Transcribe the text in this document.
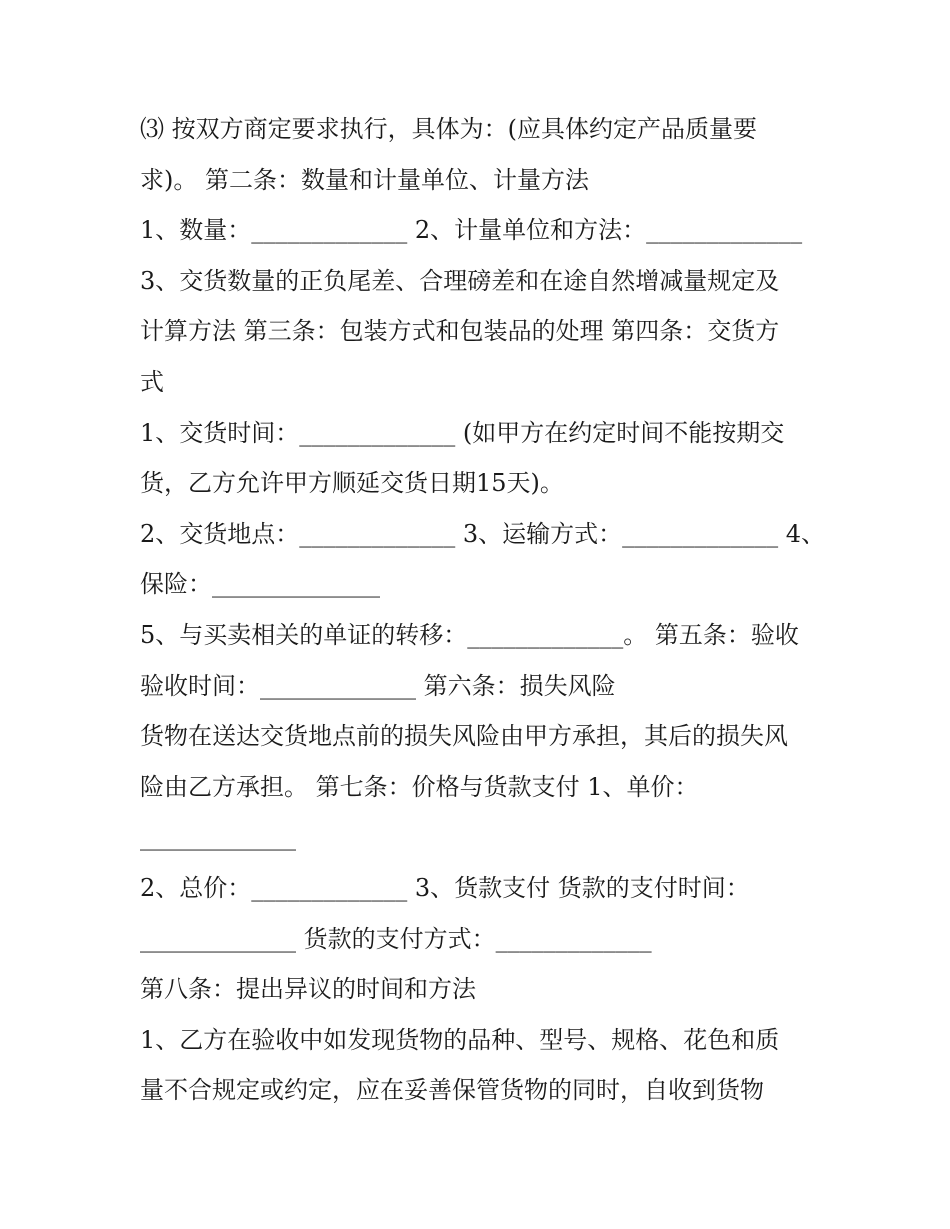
⑶ 按双方商定要求执行，具体为：(应具体约定产品质量要

求)。 第二条：数量和计量单位、计量方法

1、数量：_____________ 2、计量单位和方法：_____________

3、交货数量的正负尾差、合理磅差和在途自然增减量规定及

计算方法 第三条：包装方式和包装品的处理 第四条：交货方

式

1、交货时间：_____________ (如甲方在约定时间不能按期交

货，乙方允许甲方顺延交货日期15天)。

2、交货地点：_____________ 3、运输方式：_____________ 4、

保险：______________

5、与买卖相关的单证的转移：_____________。 第五条：验收

验收时间：_____________ 第六条：损失风险

货物在送达交货地点前的损失风险由甲方承担，其后的损失风

险由乙方承担。 第七条：价格与货款支付 1、单价：

_____________

2、总价：_____________ 3、货款支付 货款的支付时间：

_____________ 货款的支付方式：_____________

第八条：提出异议的时间和方法

1、乙方在验收中如发现货物的品种、型号、规格、花色和质

量不合规定或约定，应在妥善保管货物的同时，自收到货物
